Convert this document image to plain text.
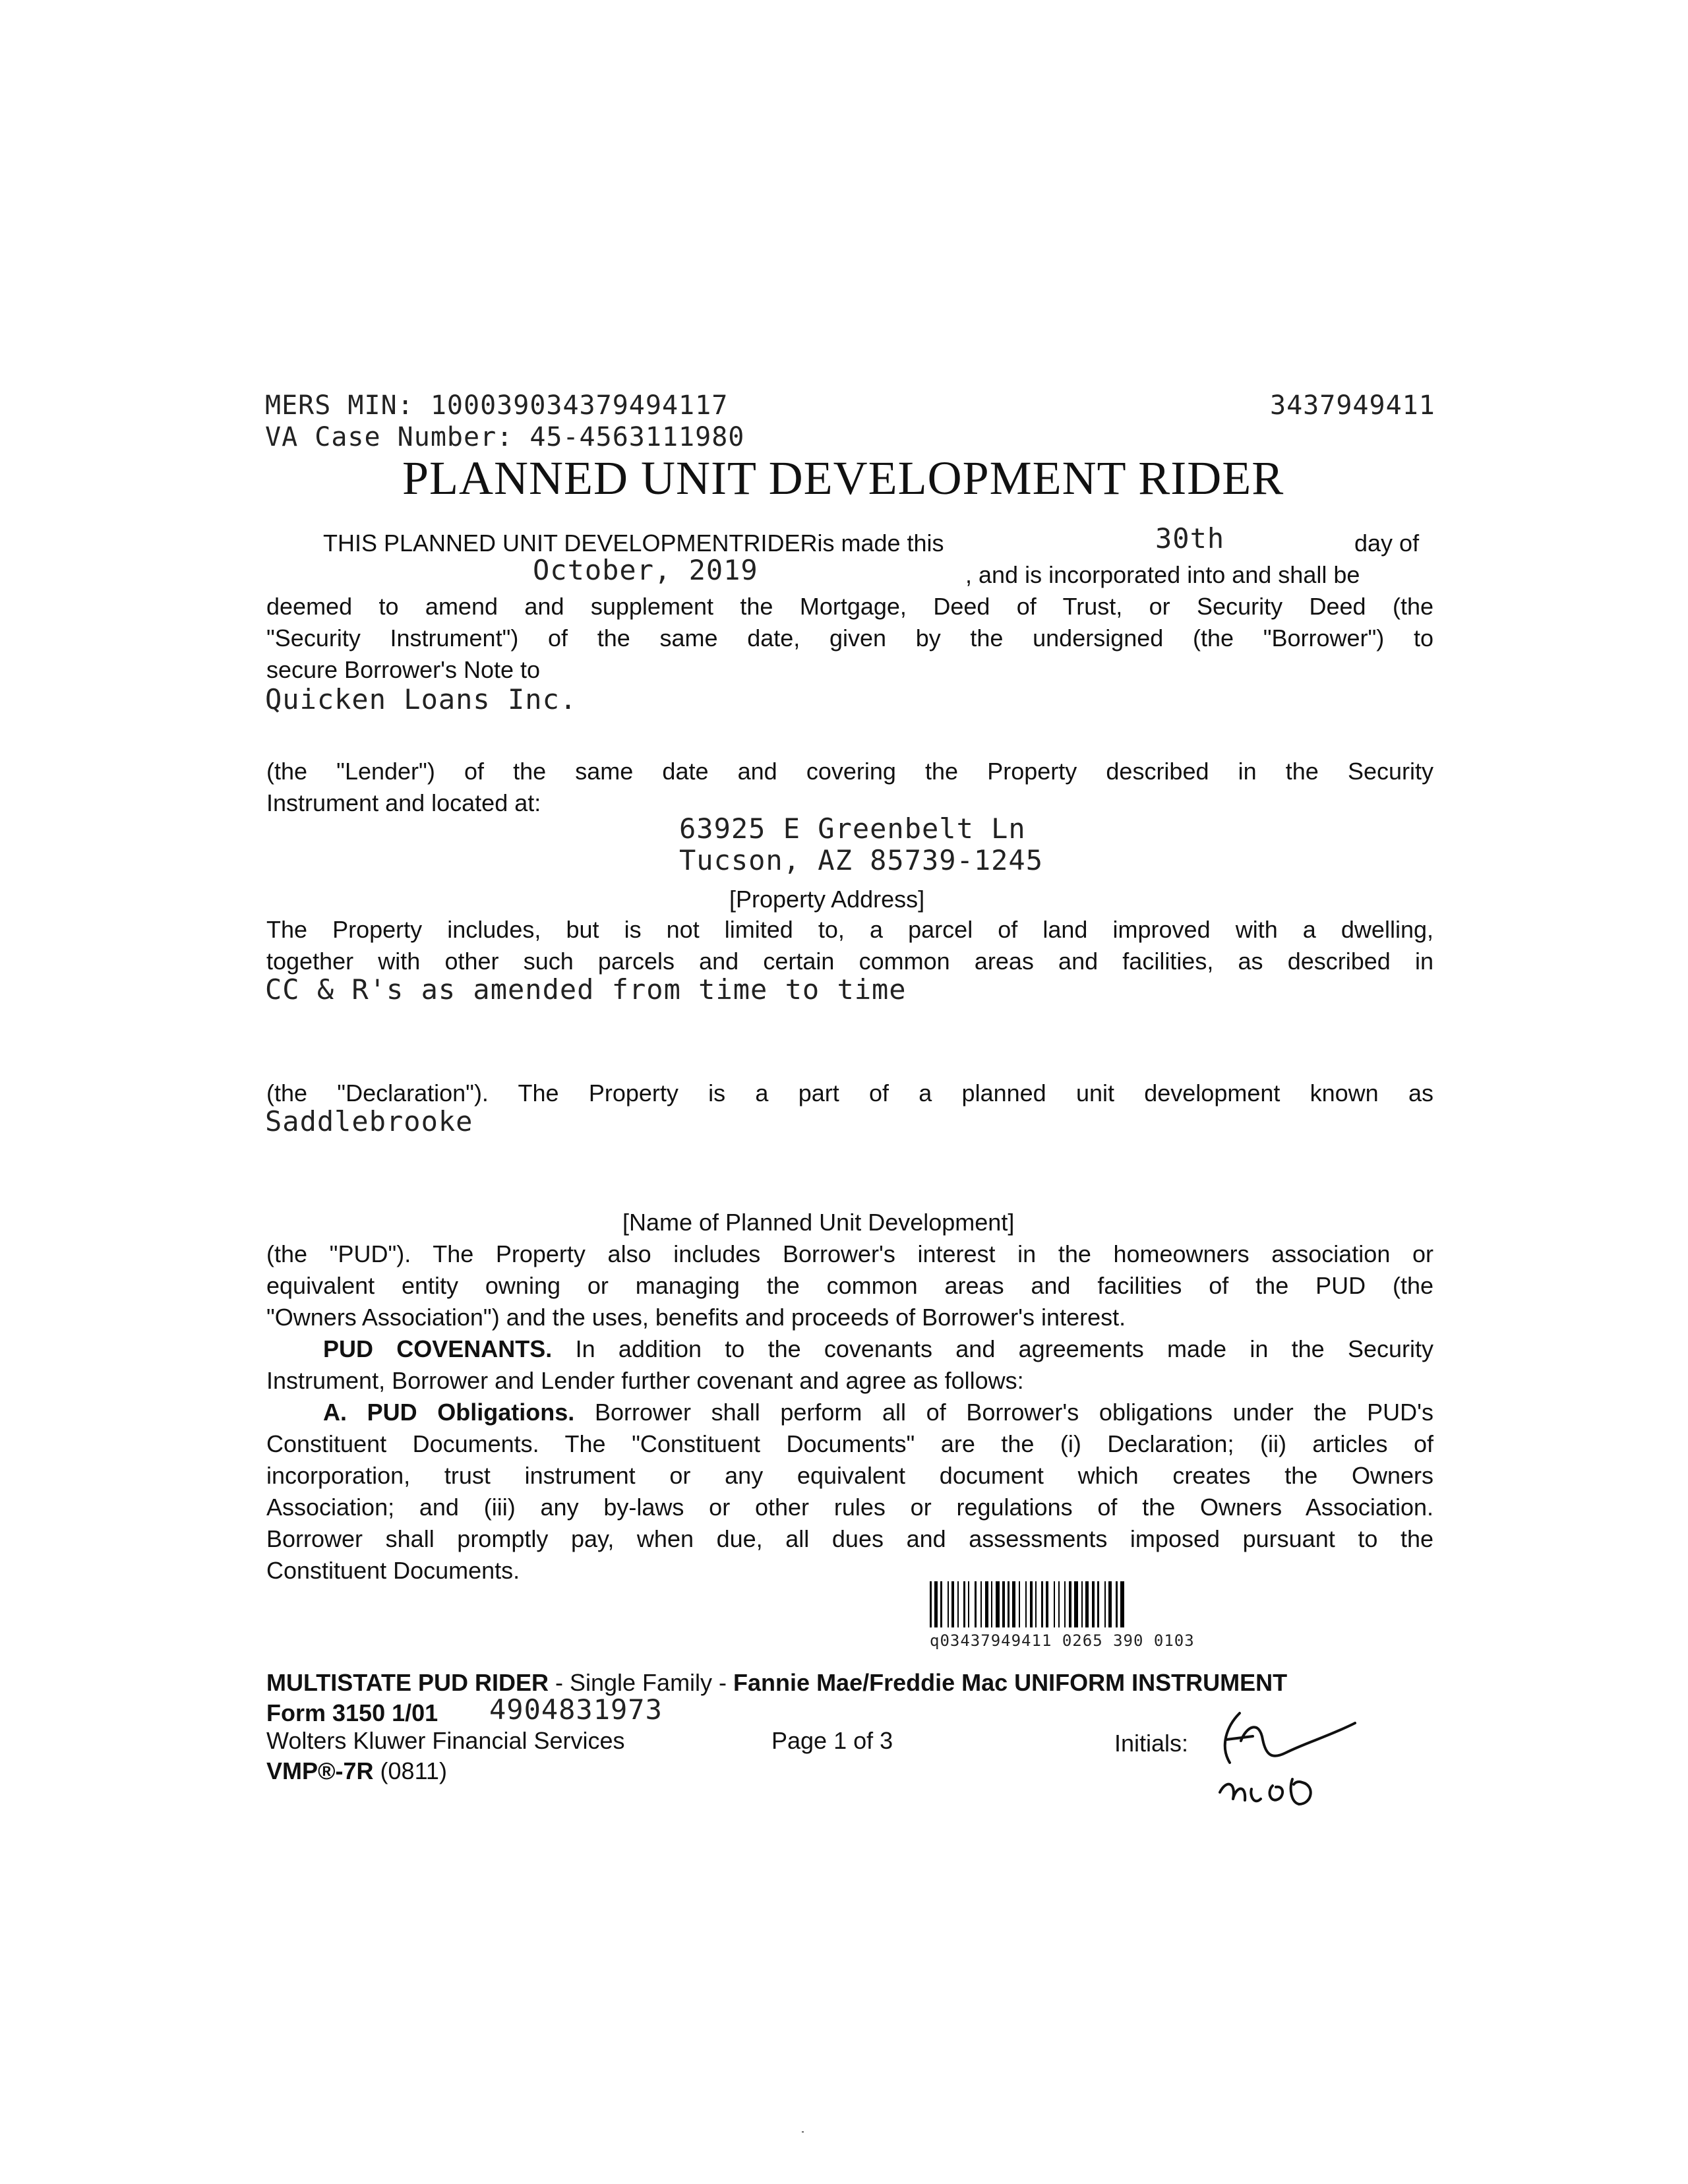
MERS MIN: 100039034379494117
VA Case Number: 45-4563111980
3437949411
PLANNED UNIT DEVELOPMENT RIDER
THIS PLANNED UNIT DEVELOPMENTRIDERis made this	30th	day of
October, 2019	, and is incorporated into and shall be
deemed to amend and supplement the Mortgage, Deed of Trust, or Security Deed (the
"Security Instrument") of the same date, given by the undersigned (the "Borrower") to
secure Borrower's Note to
Quicken Loans Inc.
(the "Lender") of the same date and covering the Property described in the Security
Instrument and located at:
63925 E Greenbelt Ln
Tucson, AZ 85739-1245
[Property Address]
The Property includes, but is not limited to, a parcel of land improved with a dwelling,
together with other such parcels and certain common areas and facilities, as described in
CC & R's as amended from time to time
(the "Declaration"). The Property is a part of a planned unit development known as
Saddlebrooke
[Name of Planned Unit Development]
(the "PUD"). The Property also includes Borrower's interest in the homeowners association or
equivalent entity owning or managing the common areas and facilities of the PUD (the
"Owners Association") and the uses, benefits and proceeds of Borrower's interest.
PUD COVENANTS. In addition to the covenants and agreements made in the Security
Instrument, Borrower and Lender further covenant and agree as follows:
A. PUD Obligations. Borrower shall perform all of Borrower's obligations under the PUD's
Constituent Documents. The "Constituent Documents" are the (i) Declaration; (ii) articles of
incorporation, trust instrument or any equivalent document which creates the Owners
Association; and (iii) any by-laws or other rules or regulations of the Owners Association.
Borrower shall promptly pay, when due, all dues and assessments imposed pursuant to the
Constituent Documents.
q03437949411 0265 390 0103
MULTISTATE PUD RIDER - Single Family - Fannie Mae/Freddie Mac UNIFORM INSTRUMENT
Form 3150 1/01 4904831973
Wolters Kluwer Financial Services	Page 1 of 3	Initials:
VMP®-7R (0811)
